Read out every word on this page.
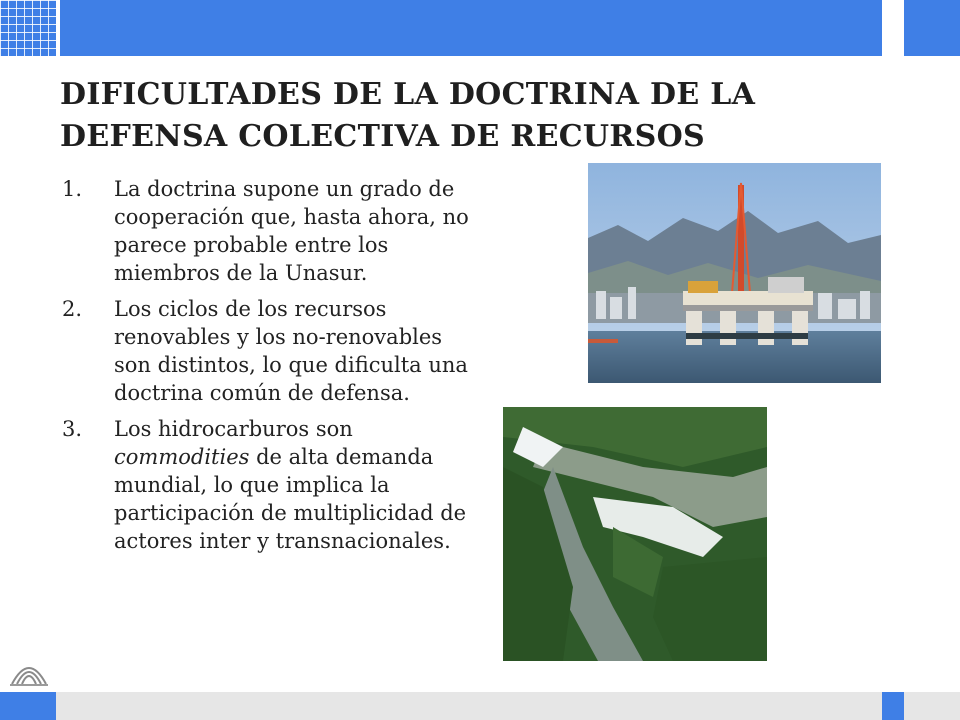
DIFICULTADES DE LA DOCTRINA DE LA
DEFENSA COLECTIVA DE RECURSOS
1. La doctrina supone un grado de cooperación que, hasta ahora, no parece probable entre los miembros de la Unasur.
2. Los ciclos de los recursos renovables y los no-renovables son distintos, lo que dificulta una doctrina común de defensa.
3. Los hidrocarburos son commodities de alta demanda mundial, lo que implica la participación de multiplicidad de actores inter y transnacionales.
